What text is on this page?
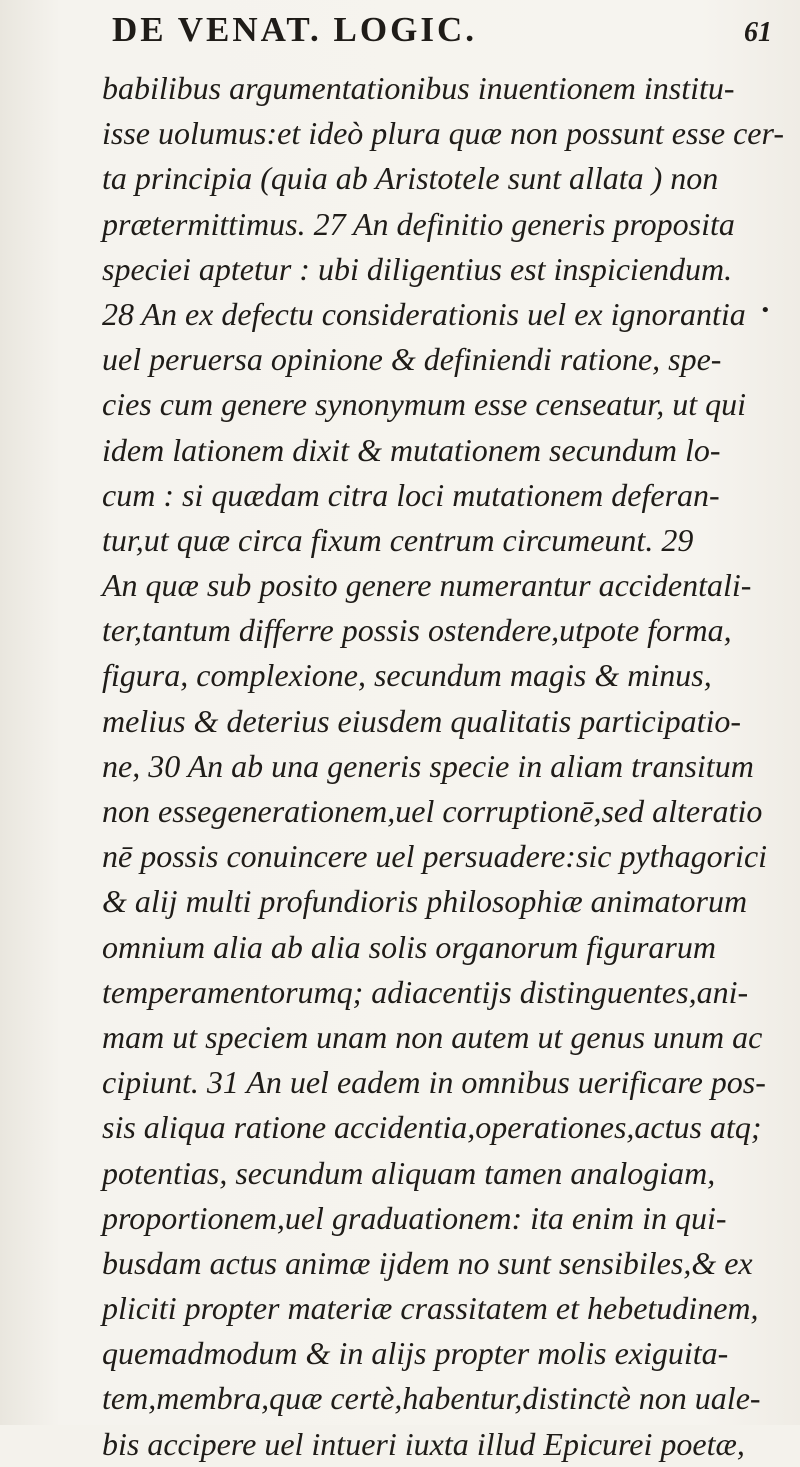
DE VENAT. LOGIC.	61
babilibus argumentationibus inuentionem institu-
isse uolumus:et ideò plura quæ non possunt esse cer-
ta principia (quia ab Aristotele sunt allata ) non
prætermittimus. 27 An definitio generis proposita
speciei aptetur : ubi diligentius est inspiciendum.
28 An ex defectu considerationis uel ex ignorantia
uel peruersa opinione & definiendi ratione, spe-
cies cum genere synonymum esse censeatur, ut qui
idem lationem dixit & mutationem secundum lo-
cum : si quædam citra loci mutationem deferan-
tur,ut quæ circa fixum centrum circumeunt. 29
An quæ sub posito genere numerantur accidentali-
ter,tantum differre possis ostendere,utpote forma,
figura, complexione, secundum magis & minus,
melius & deterius eiusdem qualitatis participatio-
ne, 30 An ab una generis specie in aliam transitum
non essegenerationem,uel corruptionē,sed alteratio
nē possis conuincere uel persuadere:sic pythagorici
& alij multi profundioris philosophiæ animatorum
omnium alia ab alia solis organorum figurarum
temperamentorumq; adiacentijs distinguentes,ani-
mam ut speciem unam non autem ut genus unum ac
cipiunt. 31 An uel eadem in omnibus uerificare pos-
sis aliqua ratione accidentia,operationes,actus atq;
potentias, secundum aliquam tamen analogiam,
proportionem,uel graduationem: ita enim in qui-
busdam actus animæ ijdem no sunt sensibiles,& ex
pliciti propter materiæ crassitatem et hebetudinem,
quemadmodum & in alijs propter molis exiguita-
tem,membra,quæ certè,habentur,distinctè non uale-
bis accipere uel intueri iuxta illud Epicurei poetæ,
•
